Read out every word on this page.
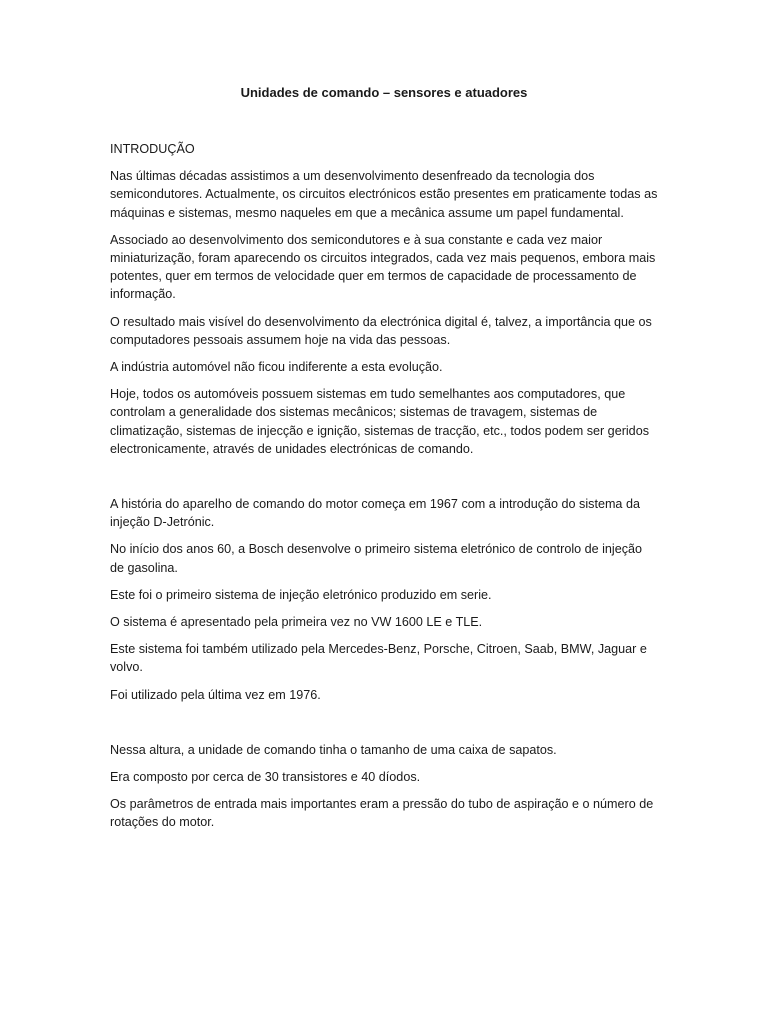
Unidades de comando – sensores e atuadores

INTRODUÇÃO

Nas últimas décadas assistimos a um desenvolvimento desenfreado da tecnologia dos semicondutores. Actualmente, os circuitos electrónicos estão presentes em praticamente todas as máquinas e sistemas, mesmo naqueles em que a mecânica assume um papel fundamental.

Associado ao desenvolvimento dos semicondutores e à sua constante e cada vez maior miniaturização, foram aparecendo os circuitos integrados, cada vez mais pequenos, embora mais potentes, quer em termos de velocidade quer em termos de capacidade de processamento de informação.

O resultado mais visível do desenvolvimento da electrónica digital é, talvez, a importância que os computadores pessoais assumem hoje na vida das pessoas.

A indústria automóvel não ficou indiferente a esta evolução.

Hoje, todos os automóveis possuem sistemas em tudo semelhantes aos computadores, que controlam a generalidade dos sistemas mecânicos; sistemas de travagem, sistemas de climatização, sistemas de injecção e ignição, sistemas de tracção, etc., todos podem ser geridos electronicamente, através de unidades electrónicas de comando.

A história do aparelho de comando do motor começa em 1967 com a introdução do sistema da injeção D-Jetrónic.

No início dos anos 60, a Bosch desenvolve o primeiro sistema eletrónico de controlo de injeção de gasolina.

Este foi o primeiro sistema de injeção eletrónico produzido em serie.

O sistema é apresentado pela primeira vez no VW 1600 LE e TLE.

Este sistema foi também utilizado pela Mercedes-Benz, Porsche, Citroen, Saab, BMW, Jaguar e volvo.

Foi utilizado pela última vez em 1976.

Nessa altura, a unidade de comando tinha o tamanho de uma caixa de sapatos.

Era composto por cerca de 30 transistores e 40 díodos.

Os parâmetros de entrada mais importantes eram a pressão do tubo de aspiração e o número de rotações do motor.
